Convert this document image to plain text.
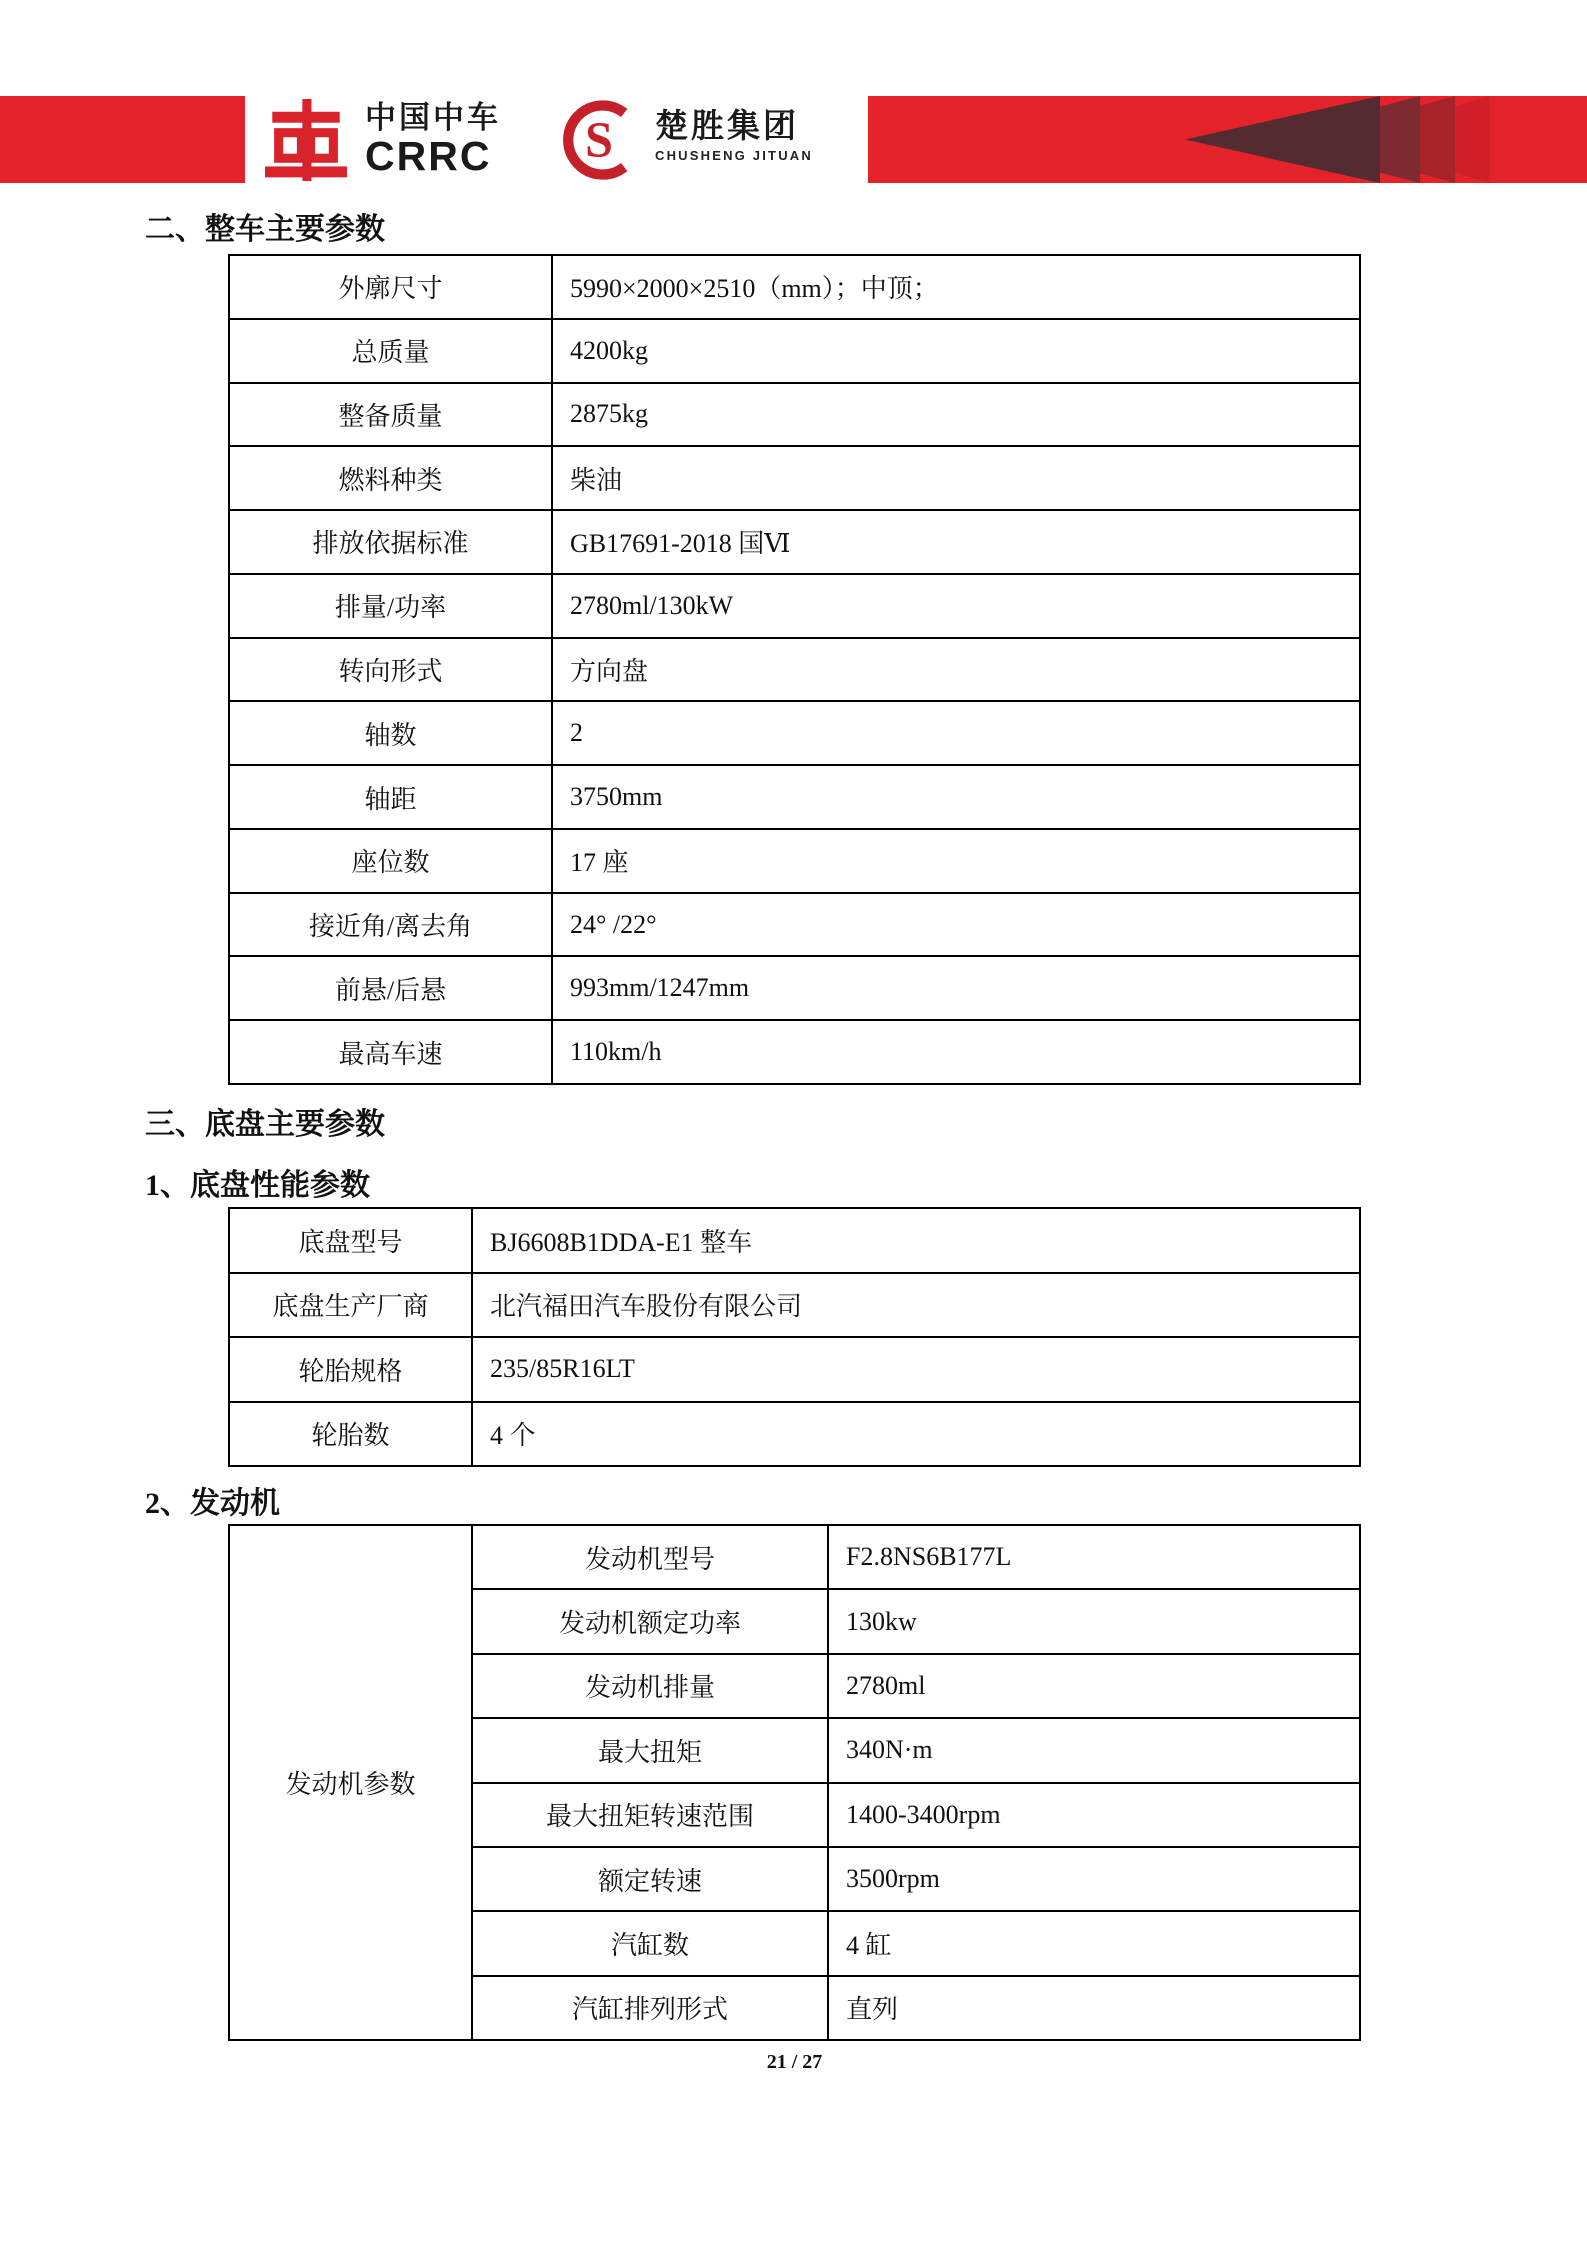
中国中车
CRRC S 楚胜集团
CHUSHENG JITUAN
二、整车主要参数
三、底盘主要参数
1、底盘性能参数
2、发动机
外廓尺寸	5990×2000×2510（mm）；中顶；
总质量	4200kg
整备质量	2875kg
燃料种类	柴油
排放依据标准	GB17691-2018 国Ⅵ
排量/功率	2780ml/130kW
转向形式	方向盘
轴数	2
轴距	3750mm
座位数	17 座
接近角/离去角	24° /22°
前悬/后悬	993mm/1247mm
最高车速	110km/h
底盘型号	BJ6608B1DDA-E1 整车
底盘生产厂商	北汽福田汽车股份有限公司
轮胎规格	235/85R16LT
轮胎数	4 个
发动机参数
发动机型号	F2.8NS6B177L
发动机额定功率	130kw
发动机排量	2780ml
最大扭矩	340N·m
最大扭矩转速范围	1400-3400rpm
额定转速	3500rpm
汽缸数	4 缸
汽缸排列形式	直列
21 / 27
